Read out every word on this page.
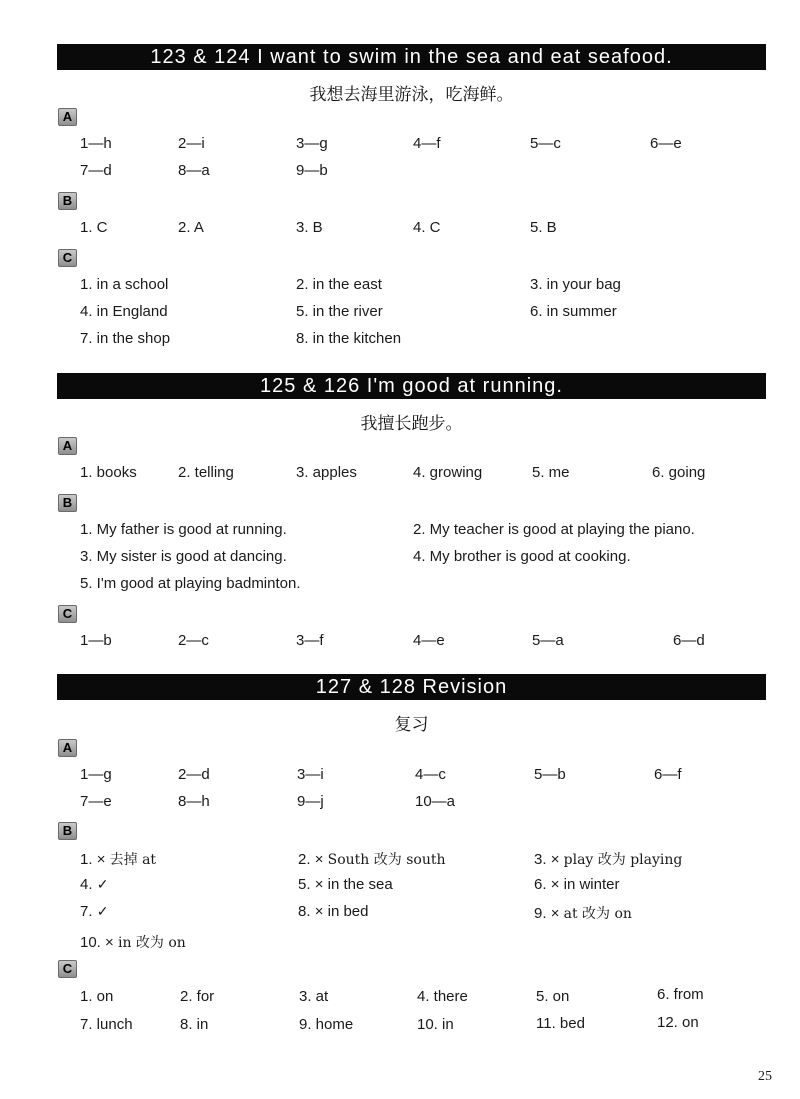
123 & 124 I want to swim in the sea and eat seafood.
我想去海里游泳，吃海鲜。
A
1—h	2—i	3—g	4—f	5—c	6—e
7—d	8—a	9—b
B
1. C	2. A	3. B	4. C	5. B
C
1. in a school	2. in the east	3. in your bag
4. in England	5. in the river	6. in summer
7. in the shop	8. in the kitchen
125 & 126 I'm good at running.
我擅长跑步。
A
1. books	2. telling	3. apples	4. growing	5. me	6. going
B
1. My father is good at running.	2. My teacher is good at playing the piano.
3. My sister is good at dancing.	4. My brother is good at cooking.
5. I'm good at playing badminton.
C
1—b	2—c	3—f	4—e	5—a	6—d
127 & 128 Revision
复习
A
1—g	2—d	3—i	4—c	5—b	6—f
7—e	8—h	9—j	10—a
B
1. × 去掉 at	2. × South 改为 south	3. × play 改为 playing
4. ✓	5. × in the sea	6. × in winter
7. ✓	8. × in bed	9. × at 改为 on
10. × in 改为 on
C
1. on	2. for	3. at	4. there	5. on	6. from
7. lunch	8. in	9. home	10. in	11. bed	12. on
25
